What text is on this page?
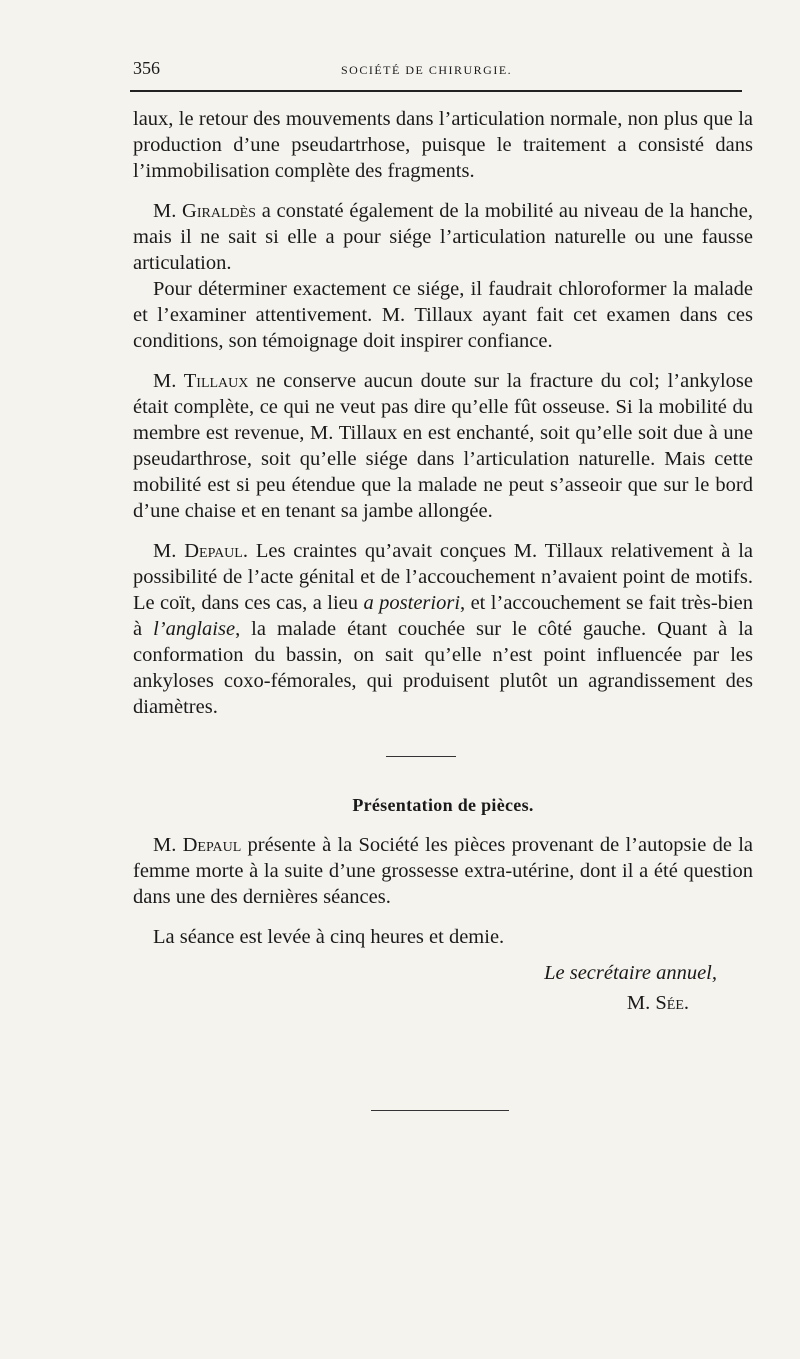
356	SOCIÉTÉ DE CHIRURGIE.

laux, le retour des mouvements dans l’articulation normale, non plus que la production d’une pseudartrhose, puisque le traitement a consisté dans l’immobilisation complète des fragments.

M. Giraldès a constaté également de la mobilité au niveau de la hanche, mais il ne sait si elle a pour siége l’articulation naturelle ou une fausse articulation.

Pour déterminer exactement ce siége, il faudrait chloroformer la malade et l’examiner attentivement. M. Tillaux ayant fait cet examen dans ces conditions, son témoignage doit inspirer confiance.

M. Tillaux ne conserve aucun doute sur la fracture du col; l’ankylose était complète, ce qui ne veut pas dire qu’elle fût osseuse. Si la mobilité du membre est revenue, M. Tillaux en est enchanté, soit qu’elle soit due à une pseudarthrose, soit qu’elle siége dans l’articulation naturelle. Mais cette mobilité est si peu étendue que la malade ne peut s’asseoir que sur le bord d’une chaise et en tenant sa jambe allongée.

M. Depaul. Les craintes qu’avait conçues M. Tillaux relativement à la possibilité de l’acte génital et de l’accouchement n’avaient point de motifs. Le coït, dans ces cas, a lieu a posteriori, et l’accouchement se fait très-bien à l’anglaise, la malade étant couchée sur le côté gauche. Quant à la conformation du bassin, on sait qu’elle n’est point influencée par les ankyloses coxo-fémorales, qui produisent plutôt un agrandissement des diamètres.

Présentation de pièces.

M. Depaul présente à la Société les pièces provenant de l’autopsie de la femme morte à la suite d’une grossesse extra-utérine, dont il a été question dans une des dernières séances.

La séance est levée à cinq heures et demie.

Le secrétaire annuel,
M. Sée.
